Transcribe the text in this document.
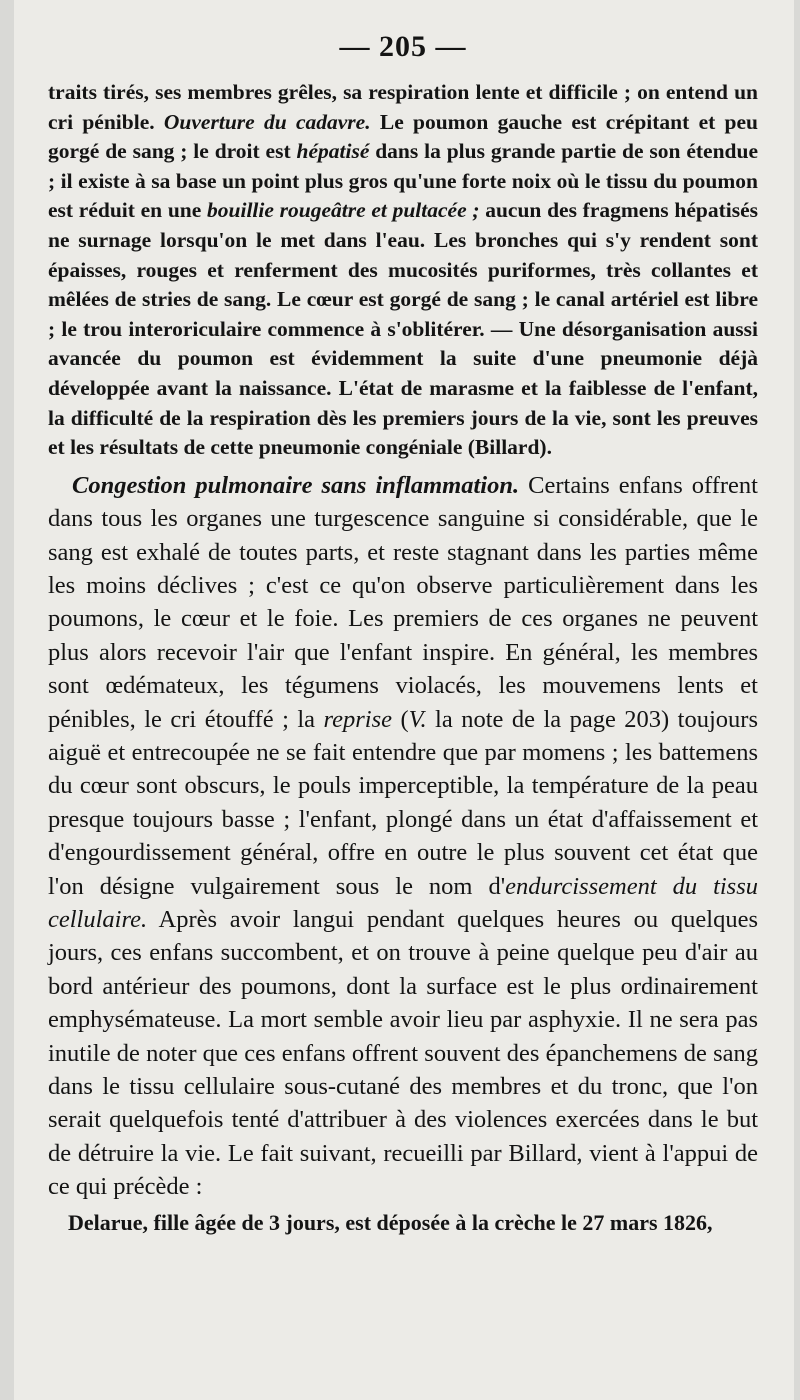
— 205 —

traits tirés, ses membres grêles, sa respiration lente et difficile ; on entend un cri pénible. Ouverture du cadavre. Le poumon gauche est crépitant et peu gorgé de sang ; le droit est hépatisé dans la plus grande partie de son étendue ; il existe à sa base un point plus gros qu'une forte noix où le tissu du poumon est réduit en une bouillie rougeâtre et pultacée ; aucun des fragmens hépatisés ne surnage lorsqu'on le met dans l'eau. Les bronches qui s'y rendent sont épaisses, rouges et renferment des mucosités puriformes, très collantes et mêlées de stries de sang. Le cœur est gorgé de sang ; le canal artériel est libre ; le trou interoriculaire commence à s'oblitérer. — Une désorganisation aussi avancée du poumon est évidemment la suite d'une pneumonie déjà développée avant la naissance. L'état de marasme et la faiblesse de l'enfant, la difficulté de la respiration dès les premiers jours de la vie, sont les preuves et les résultats de cette pneumonie congéniale (Billard).

Congestion pulmonaire sans inflammation. Certains enfans offrent dans tous les organes une turgescence sanguine si considérable, que le sang est exhalé de toutes parts, et reste stagnant dans les parties même les moins déclives ; c'est ce qu'on observe particulièrement dans les poumons, le cœur et le foie. Les premiers de ces organes ne peuvent plus alors recevoir l'air que l'enfant inspire. En général, les membres sont œdémateux, les tégumens violacés, les mouvemens lents et pénibles, le cri étouffé ; la reprise (V. la note de la page 203) toujours aiguë et entrecoupée ne se fait entendre que par momens ; les battemens du cœur sont obscurs, le pouls imperceptible, la température de la peau presque toujours basse ; l'enfant, plongé dans un état d'affaissement et d'engourdissement général, offre en outre le plus souvent cet état que l'on désigne vulgairement sous le nom d'endurcissement du tissu cellulaire. Après avoir langui pendant quelques heures ou quelques jours, ces enfans succombent, et on trouve à peine quelque peu d'air au bord antérieur des poumons, dont la surface est le plus ordinairement emphysémateuse. La mort semble avoir lieu par asphyxie. Il ne sera pas inutile de noter que ces enfans offrent souvent des épanchemens de sang dans le tissu cellulaire sous-cutané des membres et du tronc, que l'on serait quelquefois tenté d'attribuer à des violences exercées dans le but de détruire la vie. Le fait suivant, recueilli par Billard, vient à l'appui de ce qui précède :

Delarue, fille âgée de 3 jours, est déposée à la crèche le 27 mars 1826,
